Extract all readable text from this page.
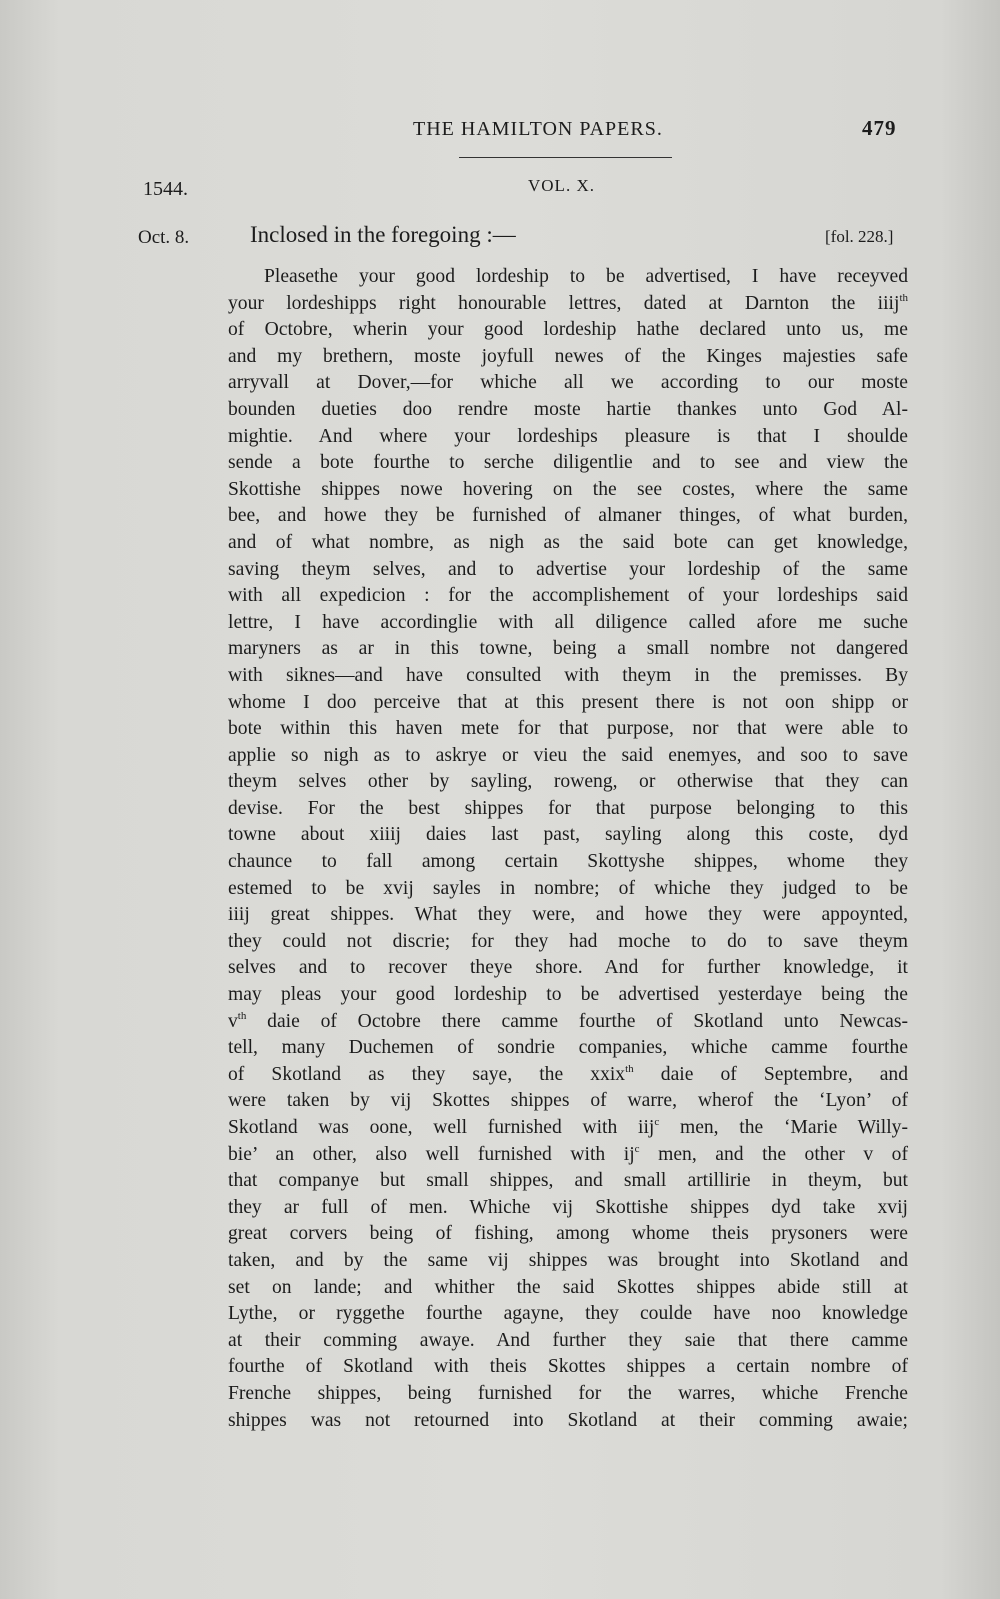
THE HAMILTON PAPERS.	479
1544.	VOL. X.
Oct. 8.	Inclosed in the foregoing :—	[fol. 228.]
Pleasethe your good lordeship to be advertised, I have receyved
your lordeshipps right honourable lettres, dated at Darnton the iiij$^{th}$
of Octobre, wherin your good lordeship hathe declared unto us, me
and my brethern, moste joyfull newes of the Kinges majesties safe
arryvall at Dover,—for whiche all we according to our moste
bounden dueties doo rendre moste hartie thankes unto God Al-
mightie. And where your lordeships pleasure is that I shoulde
sende a bote fourthe to serche diligentlie and to see and view the
Skottishe shippes nowe hovering on the see costes, where the same
bee, and howe they be furnished of almaner thinges, of what burden,
and of what nombre, as nigh as the said bote can get knowledge,
saving theym selves, and to advertise your lordeship of the same
with all expedicion : for the accomplishement of your lordeships said
lettre, I have accordinglie with all diligence called afore me suche
maryners as ar in this towne, being a small nombre not dangered
with siknes—and have consulted with theym in the premisses. By
whome I doo perceive that at this present there is not oon shipp or
bote within this haven mete for that purpose, nor that were able to
applie so nigh as to askrye or vieu the said enemyes, and soo to save
theym selves other by sayling, roweng, or otherwise that they can
devise. For the best shippes for that purpose belonging to this
towne about xiiij daies last past, sayling along this coste, dyd
chaunce to fall among certain Skottyshe shippes, whome they
estemed to be xvij sayles in nombre; of whiche they judged to be
iiij great shippes. What they were, and howe they were appoynted,
they could not discrie; for they had moche to do to save theym
selves and to recover theye shore. And for further knowledge, it
may pleas your good lordeship to be advertised yesterdaye being the
$v^{th}$ daie of Octobre there camme fourthe of Skotland unto Newcas-
tell, many Duchemen of sondrie companies, whiche camme fourthe
of Skotland as they saye, the xxix$^{th}$ daie of Septembre, and
were taken by vij Skottes shippes of warre, wherof the ‘Lyon’ of
Skotland was oone, well furnished with iij$^c$ men, the ‘Marie Willy-
bie’ an other, also well furnished with $ij^c$ men, and the other v of
that companye but small shippes, and small artillirie in theym, but
they ar full of men. Whiche vij Skottishe shippes dyd take xvij
great corvers being of fishing, among whome theis prysoners were
taken, and by the same vij shippes was brought into Skotland and
set on lande; and whither the said Skottes shippes abide still at
Lythe, or ryggethe fourthe agayne, they coulde have noo knowledge
at their comming awaye. And further they saie that there camme
fourthe of Skotland with theis Skottes shippes a certain nombre of
Frenche shippes, being furnished for the warres, whiche Frenche
shippes was not retourned into Skotland at their comming awaie;
